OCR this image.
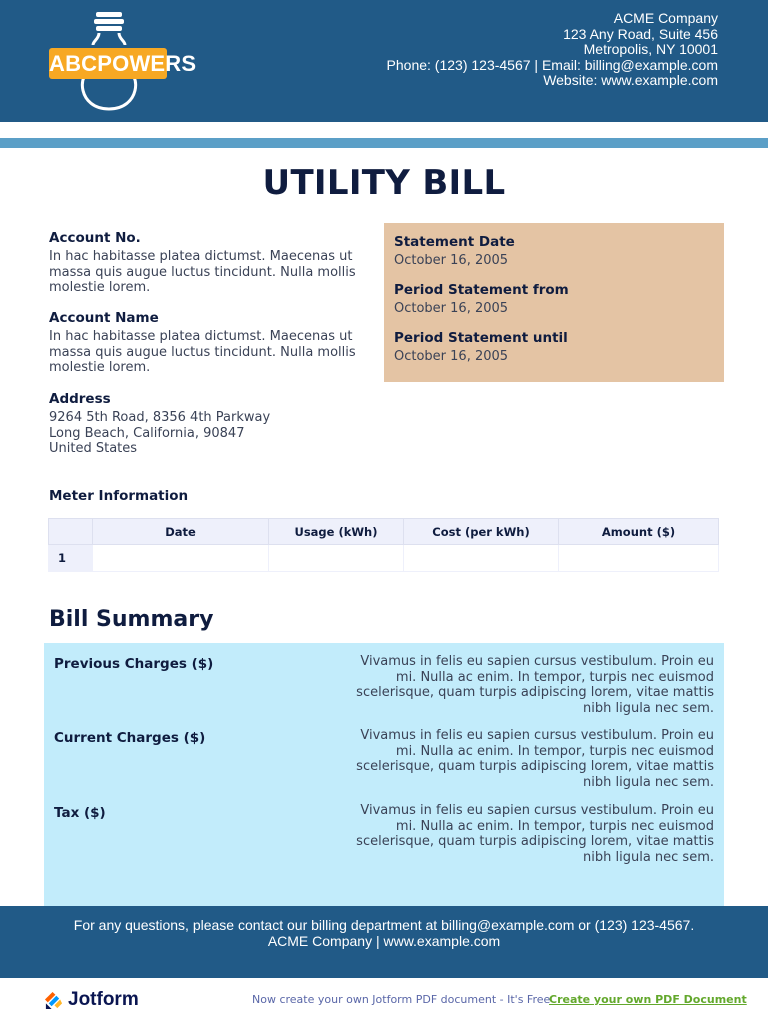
ABCPOWERS
ACME Company
123 Any Road, Suite 456
Metropolis, NY 10001
Phone: (123) 123-4567 | Email: billing@example.com
Website: www.example.com
UTILITY BILL
Account No.
In hac habitasse platea dictumst. Maecenas ut
massa quis augue luctus tincidunt. Nulla mollis
molestie lorem.
Account Name
In hac habitasse platea dictumst. Maecenas ut
massa quis augue luctus tincidunt. Nulla mollis
molestie lorem.
Address
9264 5th Road, 8356 4th Parkway
Long Beach, California, 90847
United States
Statement Date
October 16, 2005
Period Statement from
October 16, 2005
Period Statement until
October 16, 2005
Meter Information
	Date	Usage (kWh)	Cost (per kWh)	Amount ($)
1				
Bill Summary
Previous Charges ($)	Vivamus in felis eu sapien cursus vestibulum. Proin eu mi. Nulla ac enim. In tempor, turpis nec euismod scelerisque, quam turpis adipiscing lorem, vitae mattis nibh ligula nec sem.
Current Charges ($)	Vivamus in felis eu sapien cursus vestibulum. Proin eu mi. Nulla ac enim. In tempor, turpis nec euismod scelerisque, quam turpis adipiscing lorem, vitae mattis nibh ligula nec sem.
Tax ($)	Vivamus in felis eu sapien cursus vestibulum. Proin eu mi. Nulla ac enim. In tempor, turpis nec euismod scelerisque, quam turpis adipiscing lorem, vitae mattis nibh ligula nec sem.
For any questions, please contact our billing department at billing@example.com or (123) 123-4567.
ACME Company | www.example.com
Jotform	Now create your own Jotform PDF document - It's Free
Create your own PDF Document
